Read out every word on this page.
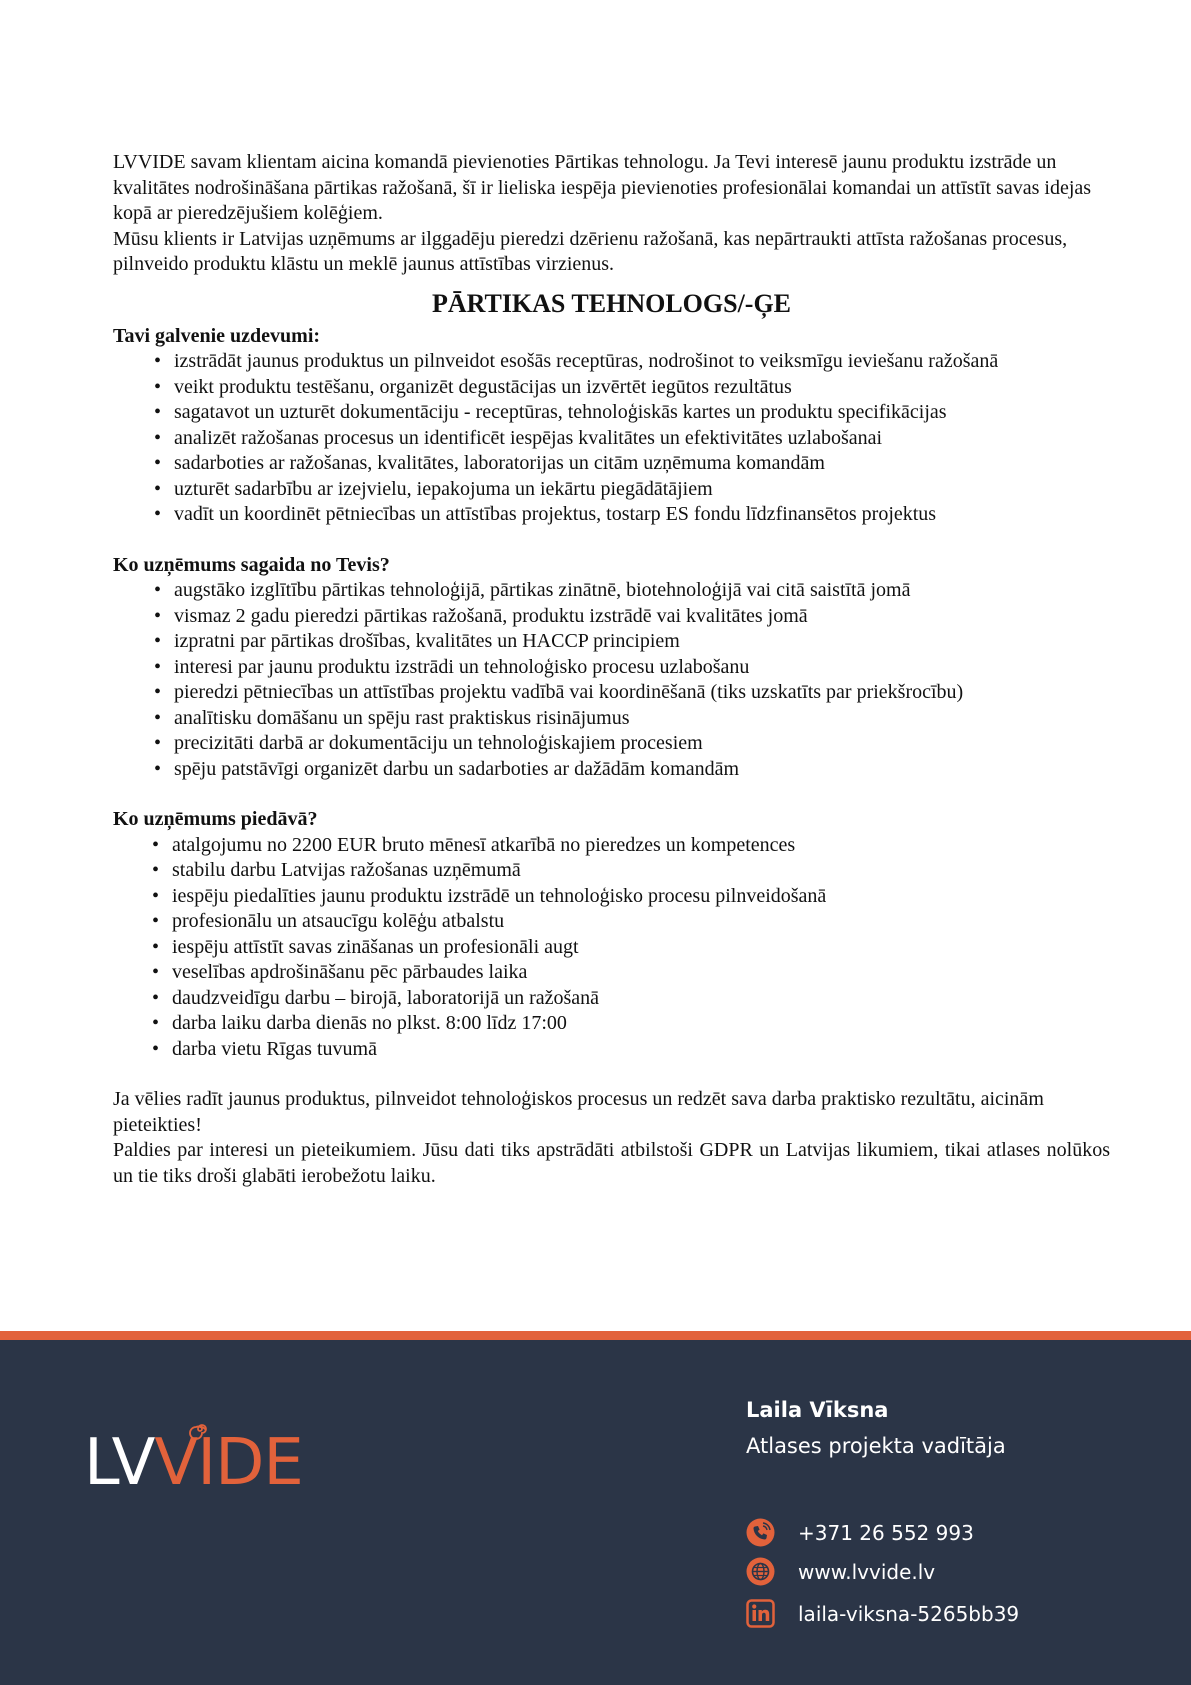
LVVIDE savam klientam aicina komandā pievienoties Pārtikas tehnologu. Ja Tevi interesē jaunu produktu izstrāde un kvalitātes nodrošināšana pārtikas ražošanā, šī ir lieliska iespēja pievienoties profesionālai komandai un attīstīt savas idejas kopā ar pieredzējušiem kolēģiem.

Mūsu klients ir Latvijas uzņēmums ar ilggadēju pieredzi dzērienu ražošanā, kas nepārtraukti attīsta ražošanas procesus, pilnveido produktu klāstu un meklē jaunus attīstības virzienus.

PĀRTIKAS TEHNOLOGS/-ĢE

Tavi galvenie uzdevumi:

• izstrādāt jaunus produktus un pilnveidot esošās receptūras, nodrošinot to veiksmīgu ieviešanu ražošanā
• veikt produktu testēšanu, organizēt degustācijas un izvērtēt iegūtos rezultātus
• sagatavot un uzturēt dokumentāciju - receptūras, tehnoloģiskās kartes un produktu specifikācijas
• analizēt ražošanas procesus un identificēt iespējas kvalitātes un efektivitātes uzlabošanai
• sadarboties ar ražošanas, kvalitātes, laboratorijas un citām uzņēmuma komandām
• uzturēt sadarbību ar izejvielu, iepakojuma un iekārtu piegādātājiem
• vadīt un koordinēt pētniecības un attīstības projektus, tostarp ES fondu līdzfinansētos projektus

Ko uzņēmums sagaida no Tevis?

• augstāko izglītību pārtikas tehnoloģijā, pārtikas zinātnē, biotehnoloģijā vai citā saistītā jomā
• vismaz 2 gadu pieredzi pārtikas ražošanā, produktu izstrādē vai kvalitātes jomā
• izpratni par pārtikas drošības, kvalitātes un HACCP principiem
• interesi par jaunu produktu izstrādi un tehnoloģisko procesu uzlabošanu
• pieredzi pētniecības un attīstības projektu vadībā vai koordinēšanā (tiks uzskatīts par priekšrocību)
• analītisku domāšanu un spēju rast praktiskus risinājumus
• precizitāti darbā ar dokumentāciju un tehnoloģiskajiem procesiem
• spēju patstāvīgi organizēt darbu un sadarboties ar dažādām komandām

Ko uzņēmums piedāvā?

• atalgojumu no 2200 EUR bruto mēnesī atkarībā no pieredzes un kompetences
• stabilu darbu Latvijas ražošanas uzņēmumā
• iespēju piedalīties jaunu produktu izstrādē un tehnoloģisko procesu pilnveidošanā
• profesionālu un atsaucīgu kolēģu atbalstu
• iespēju attīstīt savas zināšanas un profesionāli augt
• veselības apdrošināšanu pēc pārbaudes laika
• daudzveidīgu darbu – birojā, laboratorijā un ražošanā
• darba laiku darba dienās no plkst. 8:00 līdz 17:00
• darba vietu Rīgas tuvumā

Ja vēlies radīt jaunus produktus, pilnveidot tehnoloģiskos procesus un redzēt sava darba praktisko rezultātu, aicinām pieteikties!

Paldies par interesi un pieteikumiem. Jūsu dati tiks apstrādāti atbilstoši GDPR un Latvijas likumiem, tikai atlases nolūkos un tie tiks droši glabāti ierobežotu laiku.

LVVIDE
Laila Vīksna
Atlases projekta vadītāja
+371 26 552 993
www.lvvide.lv
laila-viksna-5265bb39
